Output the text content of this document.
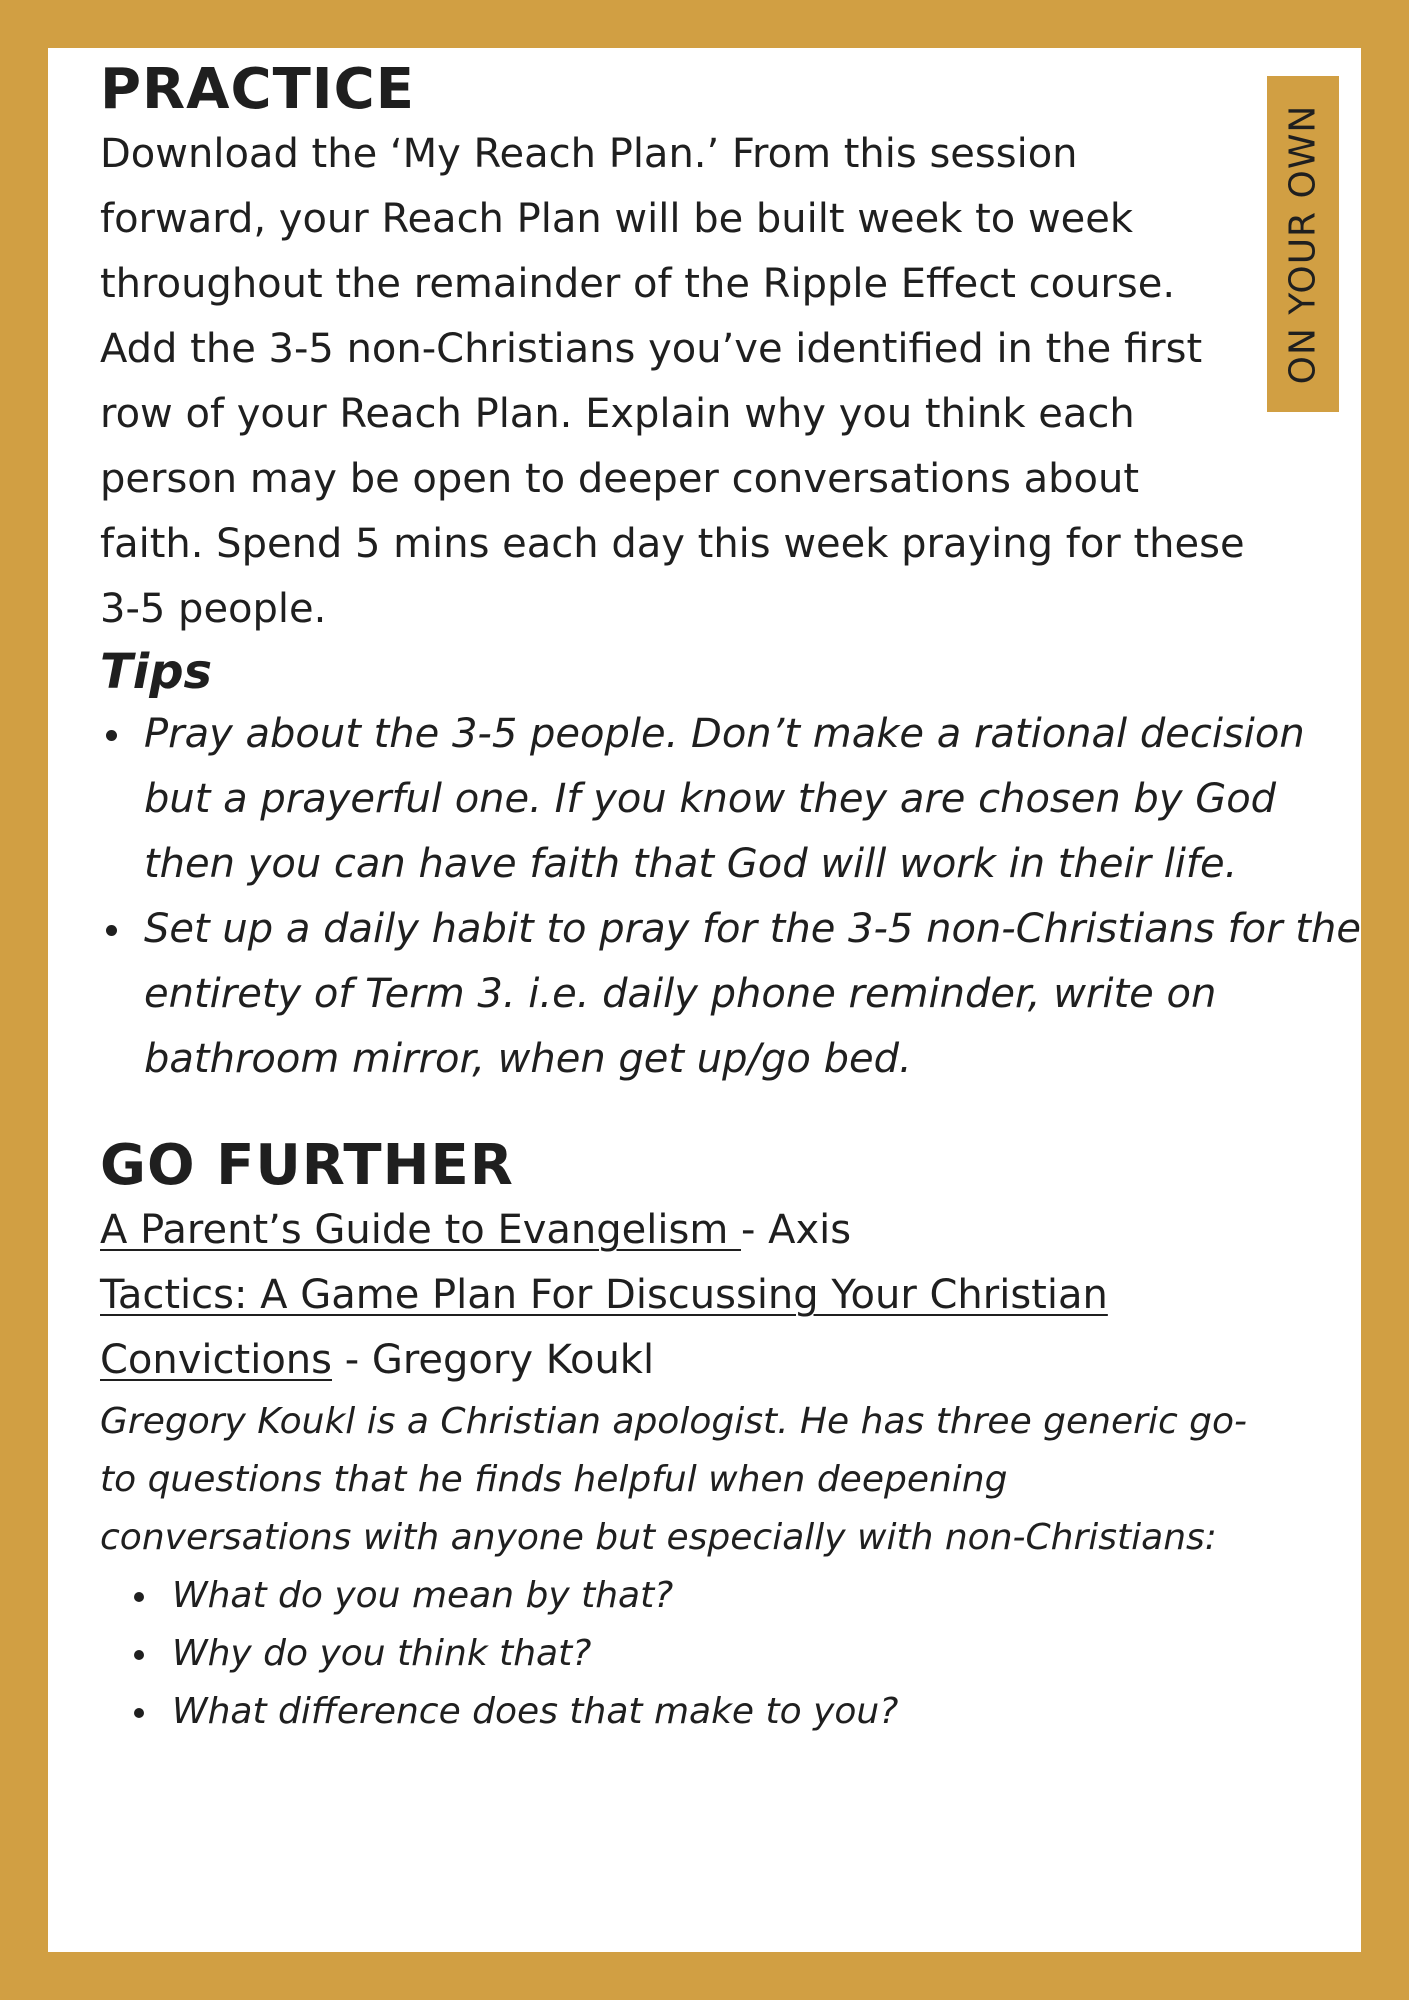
ON YOUR OWN
PRACTICE

Download the ‘My Reach Plan.’ From this session forward, your Reach Plan will be built week to week throughout the remainder of the Ripple Effect course.

Add the 3-5 non-Christians you’ve identified in the first row of your Reach Plan. Explain why you think each person may be open to deeper conversations about faith. Spend 5 mins each day this week praying for these 3-5 people.

Tips

Pray about the 3-5 people. Don’t make a rational decision but a prayerful one. If you know they are chosen by God then you can have faith that God will work in their life.
Set up a daily habit to pray for the 3-5 non-Christians for the entirety of Term 3. i.e. daily phone reminder, write on bathroom mirror, when get up/go bed.
GO FURTHER

A Parent’s Guide to Evangelism - Axis

Tactics: A Game Plan For Discussing Your Christian Convictions - Gregory Koukl

Gregory Koukl is a Christian apologist. He has three generic go-to questions that he finds helpful when deepening conversations with anyone but especially with non-Christians:

What do you mean by that?
Why do you think that?
What difference does that make to you?
